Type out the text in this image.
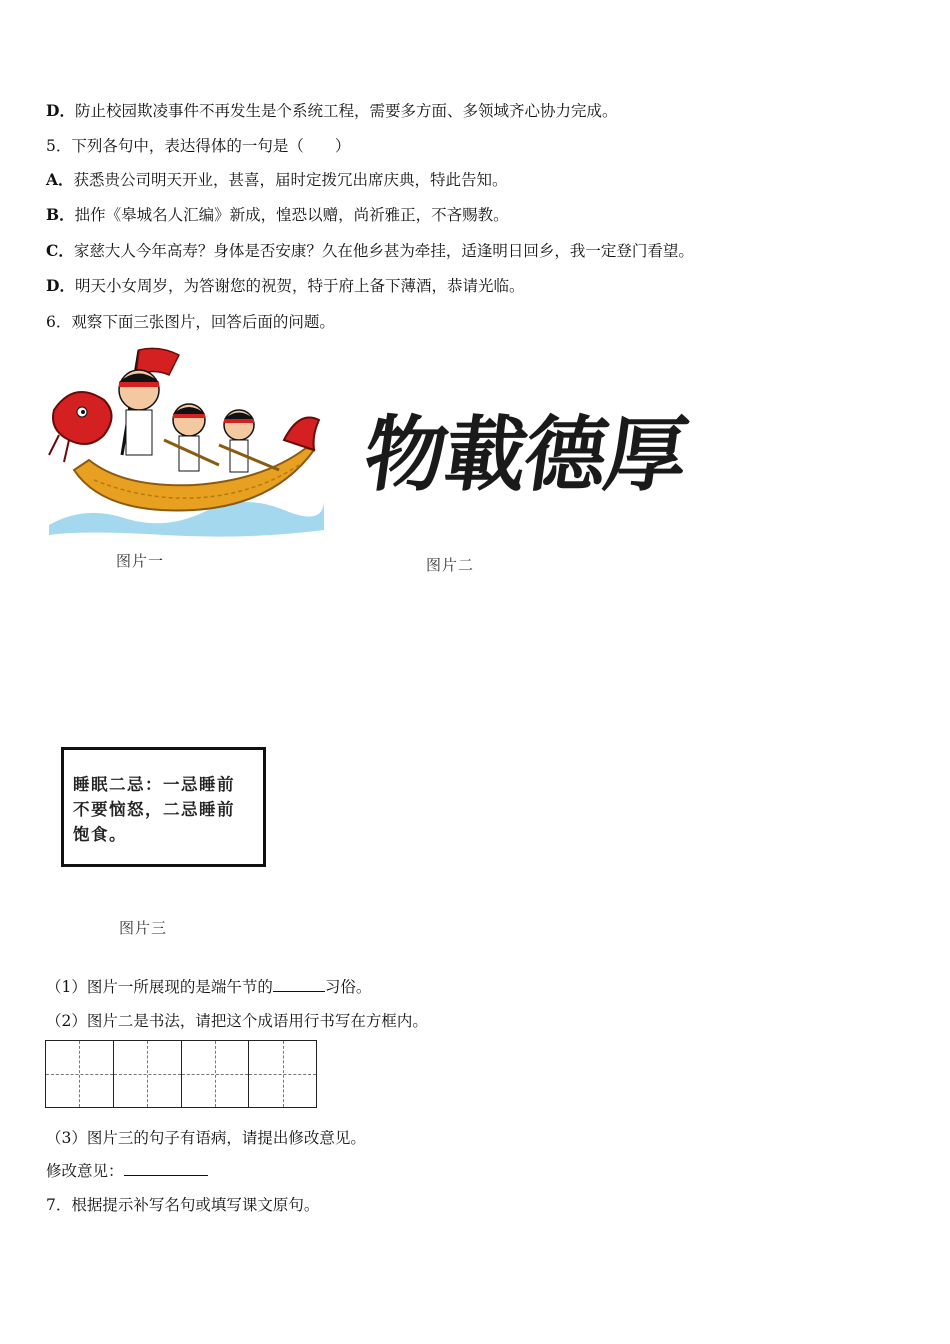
D．防止校园欺凌事件不再发生是个系统工程，需要多方面、多领域齐心协力完成。
5．下列各句中，表达得体的一句是（　　）
A．获悉贵公司明天开业，甚喜，届时定拨冗出席庆典，特此告知。
B．拙作《皋城名人汇编》新成，惶恐以赠，尚祈雅正，不吝赐教。
C．家慈大人今年高寿？身体是否安康？久在他乡甚为牵挂，适逢明日回乡，我一定登门看望。
D．明天小女周岁，为答谢您的祝贺，特于府上备下薄酒，恭请光临。
6．观察下面三张图片，回答后面的问题。
图片一
物
載
德
厚
图片二
睡眠二忌：一忌睡前
不要恼怒，二忌睡前
饱食。
图片三
（1）图片一所展现的是端午节的	习俗。
（2）图片二是书法，请把这个成语用行书写在方框内。
（3）图片三的句子有语病，请提出修改意见。
修改意见：
7．根据提示补写名句或填写课文原句。
